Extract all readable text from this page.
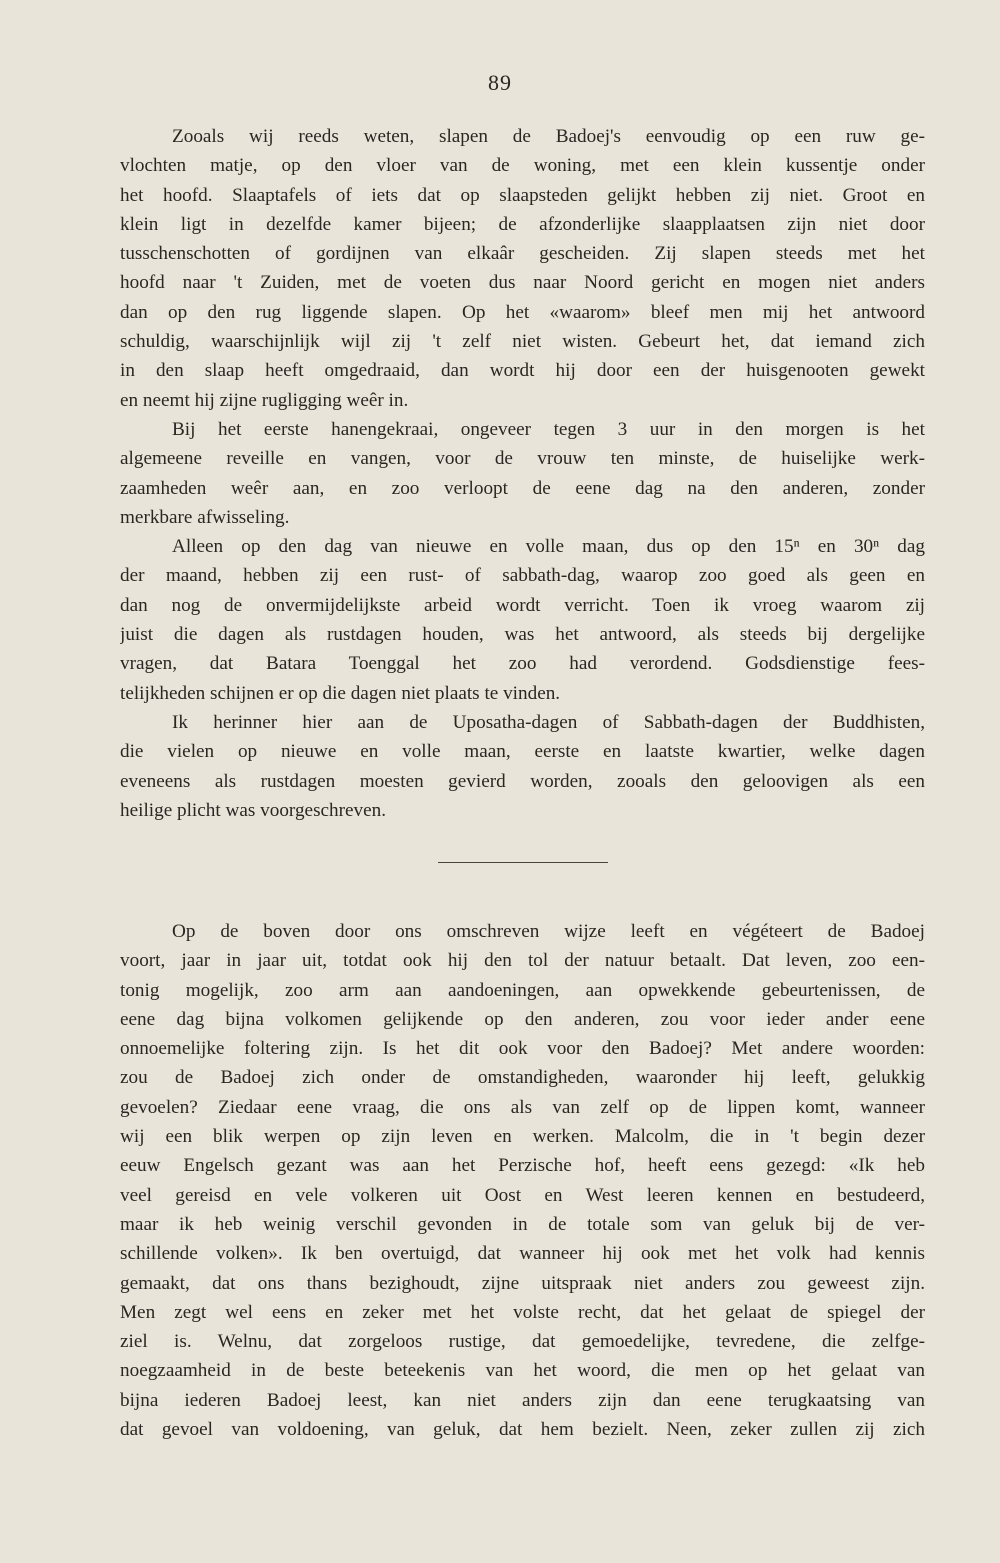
89
Zooals wij reeds weten, slapen de Badoej's eenvoudig op een ruw ge-
vlochten matje, op den vloer van de woning, met een klein kussentje onder
het hoofd. Slaaptafels of iets dat op slaapsteden gelijkt hebben zij niet. Groot en
klein ligt in dezelfde kamer bijeen; de afzonderlijke slaapplaatsen zijn niet door
tusschenschotten of gordijnen van elkaâr gescheiden. Zij slapen steeds met het
hoofd naar 't Zuiden, met de voeten dus naar Noord gericht en mogen niet anders
dan op den rug liggende slapen. Op het «waarom» bleef men mij het antwoord
schuldig, waarschijnlijk wijl zij 't zelf niet wisten. Gebeurt het, dat iemand zich
in den slaap heeft omgedraaid, dan wordt hij door een der huisgenooten gewekt
en neemt hij zijne rugligging weêr in.
Bij het eerste hanengekraai, ongeveer tegen 3 uur in den morgen is het
algemeene reveille en vangen, voor de vrouw ten minste, de huiselijke werk-
zaamheden weêr aan, en zoo verloopt de eene dag na den anderen, zonder
merkbare afwisseling.
Alleen op den dag van nieuwe en volle maan, dus op den 15ⁿ en 30ⁿ dag
der maand, hebben zij een rust- of sabbath-dag, waarop zoo goed als geen en
dan nog de onvermijdelijkste arbeid wordt verricht. Toen ik vroeg waarom zij
juist die dagen als rustdagen houden, was het antwoord, als steeds bij dergelijke
vragen, dat Batara Toenggal het zoo had verordend. Godsdienstige fees-
telijkheden schijnen er op die dagen niet plaats te vinden.
Ik herinner hier aan de Uposatha-dagen of Sabbath-dagen der Buddhisten,
die vielen op nieuwe en volle maan, eerste en laatste kwartier, welke dagen
eveneens als rustdagen moesten gevierd worden, zooals den geloovigen als een
heilige plicht was voorgeschreven.
Op de boven door ons omschreven wijze leeft en végéteert de Badoej
voort, jaar in jaar uit, totdat ook hij den tol der natuur betaalt. Dat leven, zoo een-
tonig mogelijk, zoo arm aan aandoeningen, aan opwekkende gebeurtenissen, de
eene dag bijna volkomen gelijkende op den anderen, zou voor ieder ander eene
onnoemelijke foltering zijn. Is het dit ook voor den Badoej? Met andere woorden:
zou de Badoej zich onder de omstandigheden, waaronder hij leeft, gelukkig
gevoelen? Ziedaar eene vraag, die ons als van zelf op de lippen komt, wanneer
wij een blik werpen op zijn leven en werken. Malcolm, die in 't begin dezer
eeuw Engelsch gezant was aan het Perzische hof, heeft eens gezegd: «Ik heb
veel gereisd en vele volkeren uit Oost en West leeren kennen en bestudeerd,
maar ik heb weinig verschil gevonden in de totale som van geluk bij de ver-
schillende volken». Ik ben overtuigd, dat wanneer hij ook met het volk had kennis
gemaakt, dat ons thans bezighoudt, zijne uitspraak niet anders zou geweest zijn.
Men zegt wel eens en zeker met het volste recht, dat het gelaat de spiegel der
ziel is. Welnu, dat zorgeloos rustige, dat gemoedelijke, tevredene, die zelfge-
noegzaamheid in de beste beteekenis van het woord, die men op het gelaat van
bijna iederen Badoej leest, kan niet anders zijn dan eene terugkaatsing van
dat gevoel van voldoening, van geluk, dat hem bezielt. Neen, zeker zullen zij zich
